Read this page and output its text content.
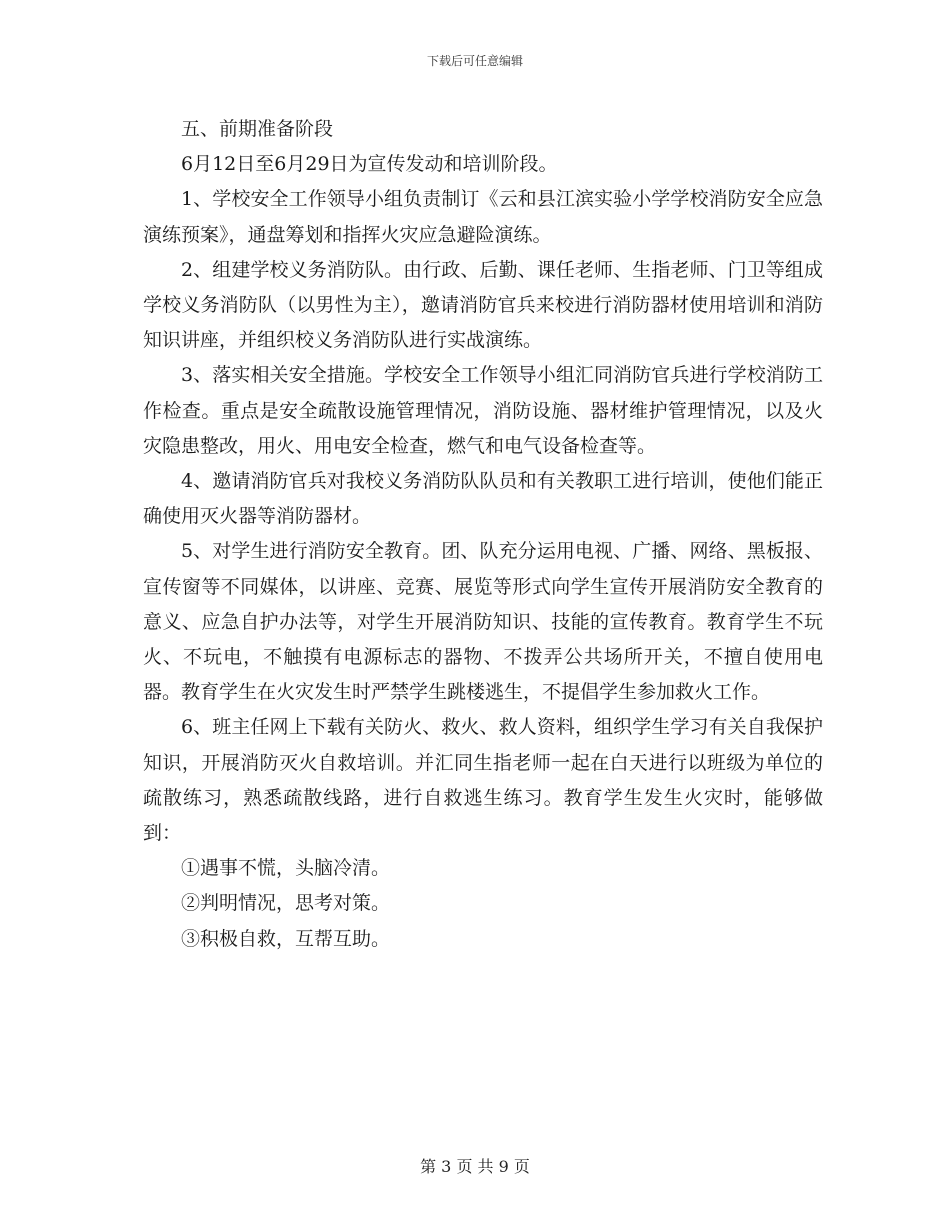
下载后可任意编辑

五、前期准备阶段

6月12日至6月29日为宣传发动和培训阶段。

1、学校安全工作领导小组负责制订《云和县江滨实验小学学校消防安全应急演练预案》，通盘筹划和指挥火灾应急避险演练。

2、组建学校义务消防队。由行政、后勤、课任老师、生指老师、门卫等组成学校义务消防队（以男性为主），邀请消防官兵来校进行消防器材使用培训和消防知识讲座，并组织校义务消防队进行实战演练。

3、落实相关安全措施。学校安全工作领导小组汇同消防官兵进行学校消防工作检查。重点是安全疏散设施管理情况，消防设施、器材维护管理情况，以及火灾隐患整改，用火、用电安全检查，燃气和电气设备检查等。

4、邀请消防官兵对我校义务消防队队员和有关教职工进行培训，使他们能正确使用灭火器等消防器材。

5、对学生进行消防安全教育。团、队充分运用电视、广播、网络、黑板报、宣传窗等不同媒体，以讲座、竞赛、展览等形式向学生宣传开展消防安全教育的意义、应急自护办法等，对学生开展消防知识、技能的宣传教育。教育学生不玩火、不玩电，不触摸有电源标志的器物、不拨弄公共场所开关，不擅自使用电器。教育学生在火灾发生时严禁学生跳楼逃生，不提倡学生参加救火工作。

6、班主任网上下载有关防火、救火、救人资料，组织学生学习有关自我保护知识，开展消防灭火自救培训。并汇同生指老师一起在白天进行以班级为单位的疏散练习，熟悉疏散线路，进行自救逃生练习。教育学生发生火灾时，能够做到：

①遇事不慌，头脑冷清。

②判明情况，思考对策。

③积极自救，互帮互助。

第 3 页 共 9 页
